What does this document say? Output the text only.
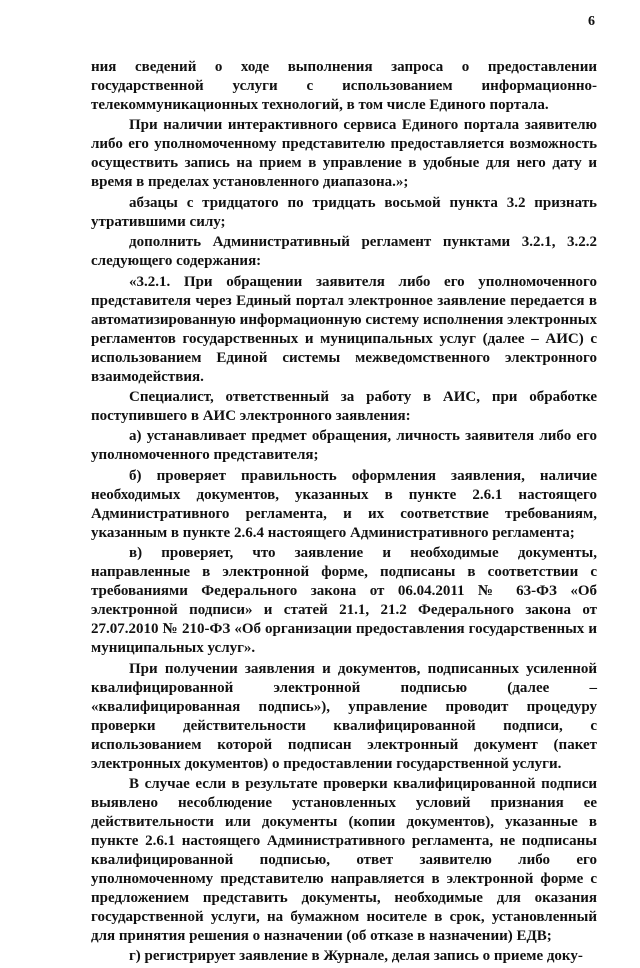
6

ния сведений о ходе выполнения запроса о предоставлении государственной услуги с использованием информационно-телекоммуникационных технологий, в том числе Единого портала.

При наличии интерактивного сервиса Единого портала заявителю либо его уполномоченному представителю предоставляется возможность осуществить запись на прием в управление в удобные для него дату и время в пределах установленного диапазона.»;

абзацы с тридцатого по тридцать восьмой пункта 3.2 признать утратившими силу;

дополнить Административный регламент пунктами 3.2.1, 3.2.2 следующего содержания:

«3.2.1. При обращении заявителя либо его уполномоченного представителя через Единый портал электронное заявление передается в автоматизированную информационную систему исполнения электронных регламентов государственных и муниципальных услуг (далее – АИС) с использованием Единой системы межведомственного электронного взаимодействия.

Специалист, ответственный за работу в АИС, при обработке поступившего в АИС электронного заявления:

а) устанавливает предмет обращения, личность заявителя либо его уполномоченного представителя;

б) проверяет правильность оформления заявления, наличие необходимых документов, указанных в пункте 2.6.1 настоящего Административного регламента, и их соответствие требованиям, указанным в пункте 2.6.4 настоящего Административного регламента;

в) проверяет, что заявление и необходимые документы, направленные в электронной форме, подписаны в соответствии с требованиями Федерального закона от 06.04.2011 № 63-ФЗ «Об электронной подписи» и статей 21.1, 21.2 Федерального закона от 27.07.2010 № 210-ФЗ «Об организации предоставления государственных и муниципальных услуг».

При получении заявления и документов, подписанных усиленной квалифицированной электронной подписью (далее – «квалифицированная подпись»), управление проводит процедуру проверки действительности квалифицированной подписи, с использованием которой подписан электронный документ (пакет электронных документов) о предоставлении государственной услуги.

В случае если в результате проверки квалифицированной подписи выявлено несоблюдение установленных условий признания ее действительности или документы (копии документов), указанные в пункте 2.6.1 настоящего Административного регламента, не подписаны квалифицированной подписью, ответ заявителю либо его уполномоченному представителю направляется в электронной форме с предложением представить документы, необходимые для оказания государственной услуги, на бумажном носителе в срок, установленный для принятия решения о назначении (об отказе в назначении) ЕДВ;

г) регистрирует заявление в Журнале, делая запись о приеме доку-
